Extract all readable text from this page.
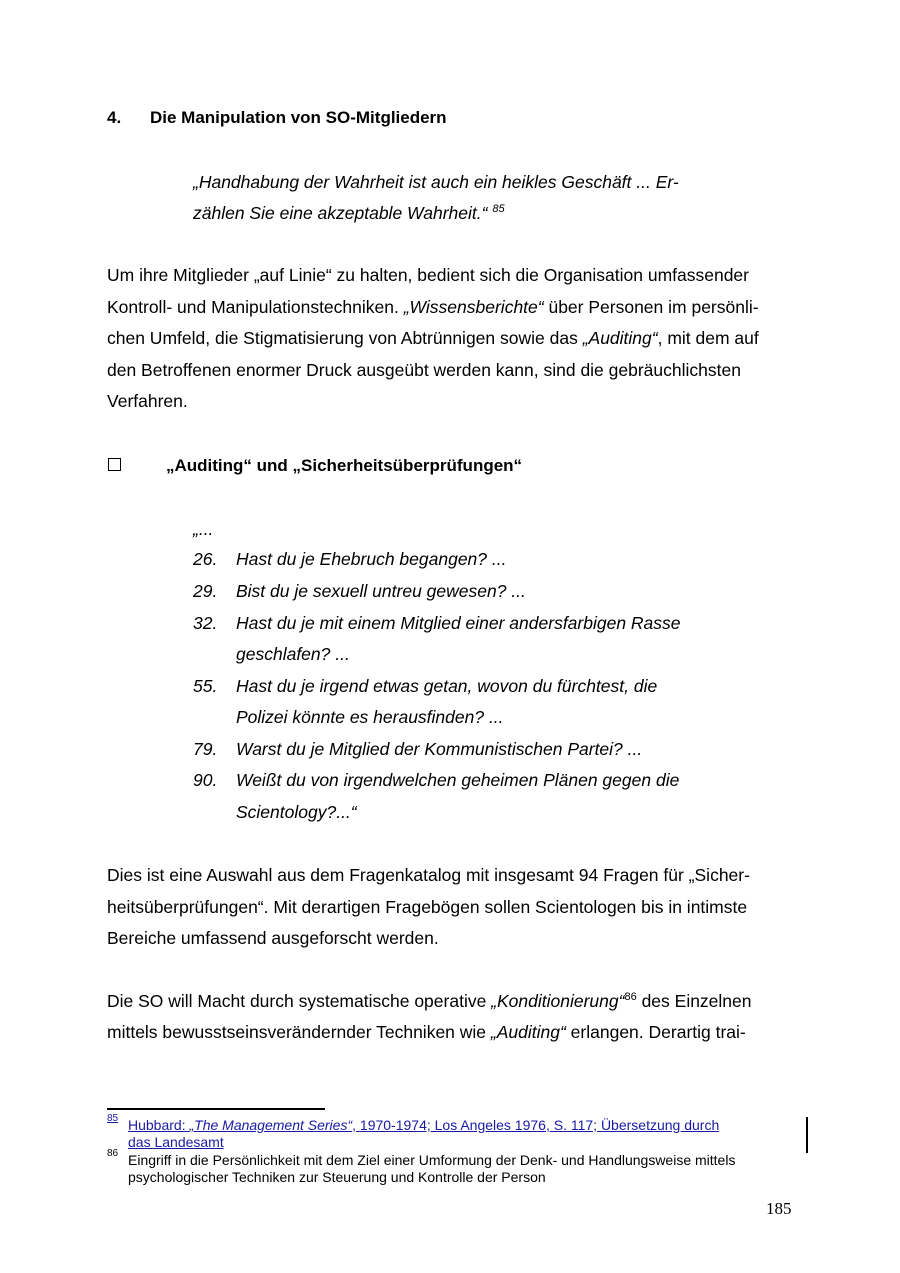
4. Die Manipulation von SO-Mitgliedern
„Handhabung der Wahrheit ist auch ein heikles Geschäft ... Er-
zählen Sie eine akzeptable Wahrheit.“ $^{85}$
Um ihre Mitglieder „auf Linie“ zu halten, bedient sich die Organisation umfassender
Kontroll- und Manipulationstechniken. „Wissensberichte“ über Personen im persönli-
chen Umfeld, die Stigmatisierung von Abtrünnigen sowie das „Auditing“, mit dem auf
den Betroffenen enormer Druck ausgeübt werden kann, sind die gebräuchlichsten
Verfahren.
„Auditing“ und „Sicherheitsüberprüfungen“
„...
26. Hast du je Ehebruch begangen? ...
29. Bist du je sexuell untreu gewesen? ...
32. Hast du je mit einem Mitglied einer andersfarbigen Rasse
geschlafen? ...
55. Hast du je irgend etwas getan, wovon du fürchtest, die
Polizei könnte es herausfinden? ...
79. Warst du je Mitglied der Kommunistischen Partei? ...
90. Weißt du von irgendwelchen geheimen Plänen gegen die
Scientology?...“
Dies ist eine Auswahl aus dem Fragenkatalog mit insgesamt 94 Fragen für „Sicher-
heitsüberprüfungen“. Mit derartigen Fragebögen sollen Scientologen bis in intimste
Bereiche umfassend ausgeforscht werden.
Die SO will Macht durch systematische operative „Konditionierung“$^{86}$ des Einzelnen
mittels bewusstseinsverändernder Techniken wie „Auditing“ erlangen. Derartig trai-
85 Hubbard: „The Management Series“, 1970-1974; Los Angeles 1976, S. 117; Übersetzung durch
das Landesamt
86 Eingriff in die Persönlichkeit mit dem Ziel einer Umformung der Denk- und Handlungsweise mittels
psychologischer Techniken zur Steuerung und Kontrolle der Person
185
